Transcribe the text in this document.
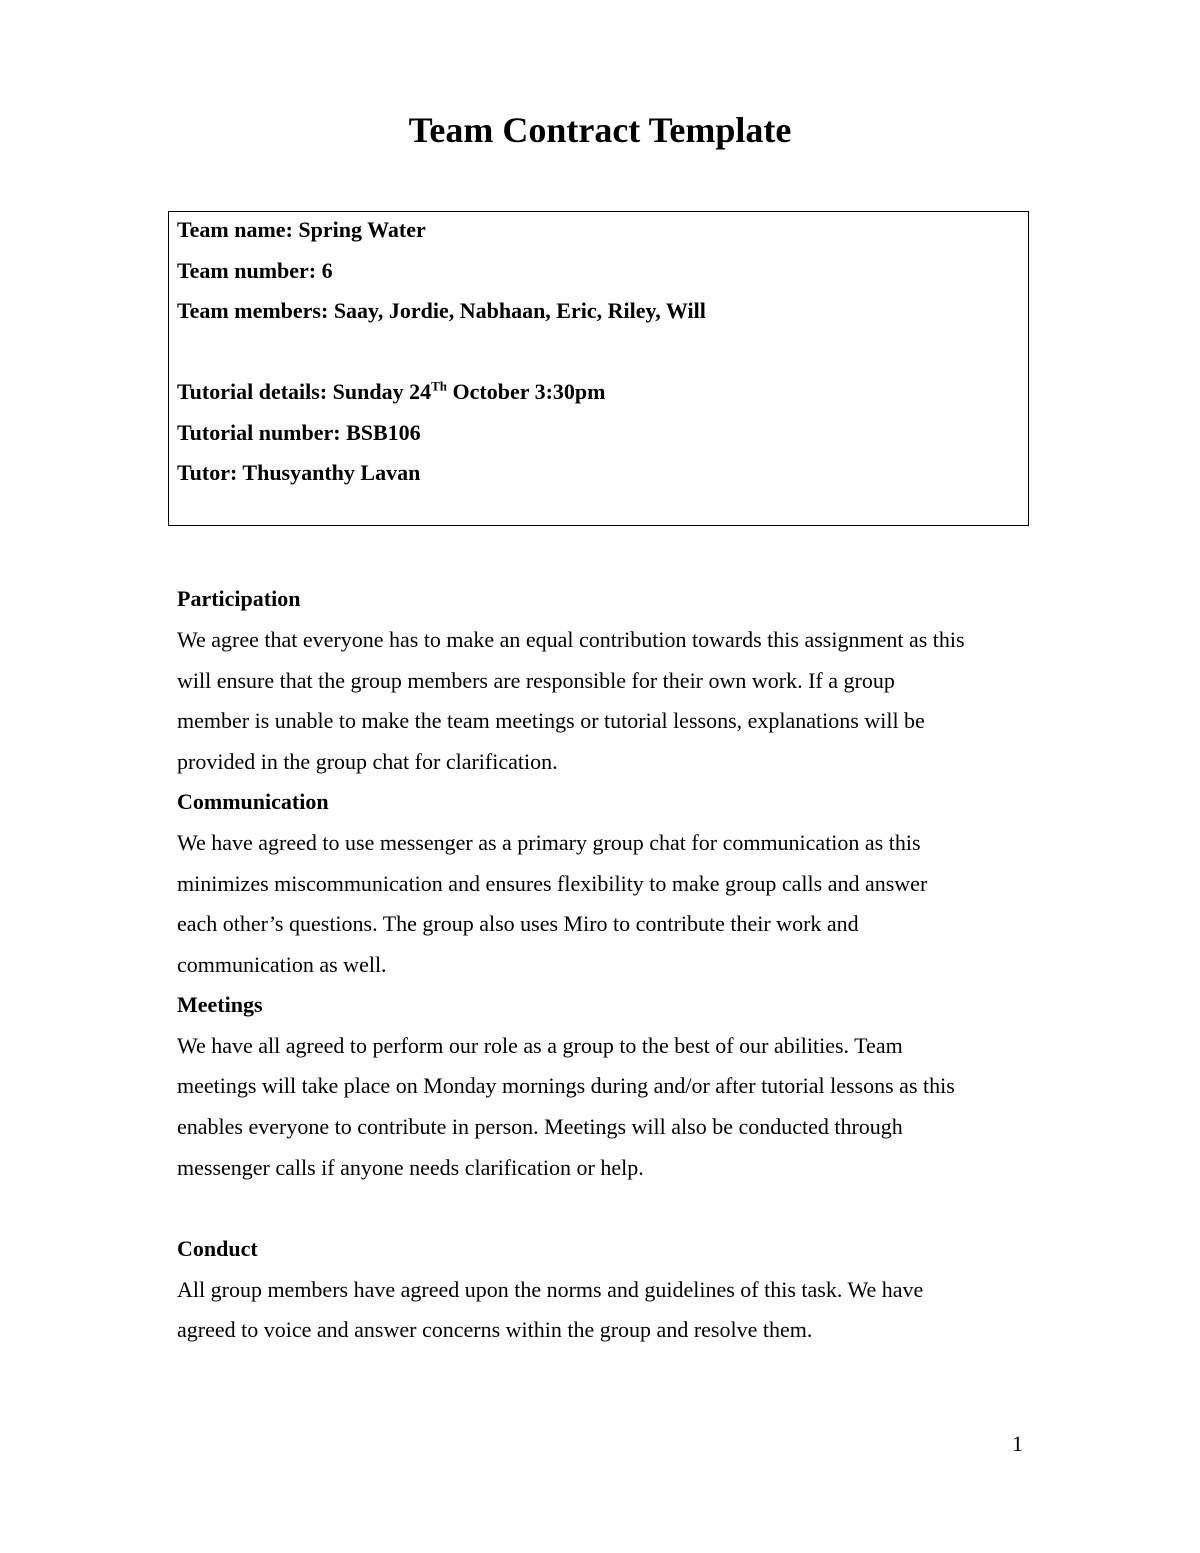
Team Contract Template
Team name: Spring Water
Team number: 6
Team members: Saay, Jordie, Nabhaan, Eric, Riley, Will
Tutorial details: Sunday 24Th October 3:30pm
Tutorial number: BSB106
Tutor: Thusyanthy Lavan
Participation
We agree that everyone has to make an equal contribution towards this assignment as this
will ensure that the group members are responsible for their own work. If a group
member is unable to make the team meetings or tutorial lessons, explanations will be
provided in the group chat for clarification.
Communication
We have agreed to use messenger as a primary group chat for communication as this
minimizes miscommunication and ensures flexibility to make group calls and answer
each other’s questions. The group also uses Miro to contribute their work and
communication as well.
Meetings
We have all agreed to perform our role as a group to the best of our abilities. Team
meetings will take place on Monday mornings during and/or after tutorial lessons as this
enables everyone to contribute in person. Meetings will also be conducted through
messenger calls if anyone needs clarification or help.
Conduct
All group members have agreed upon the norms and guidelines of this task. We have
agreed to voice and answer concerns within the group and resolve them.
1
